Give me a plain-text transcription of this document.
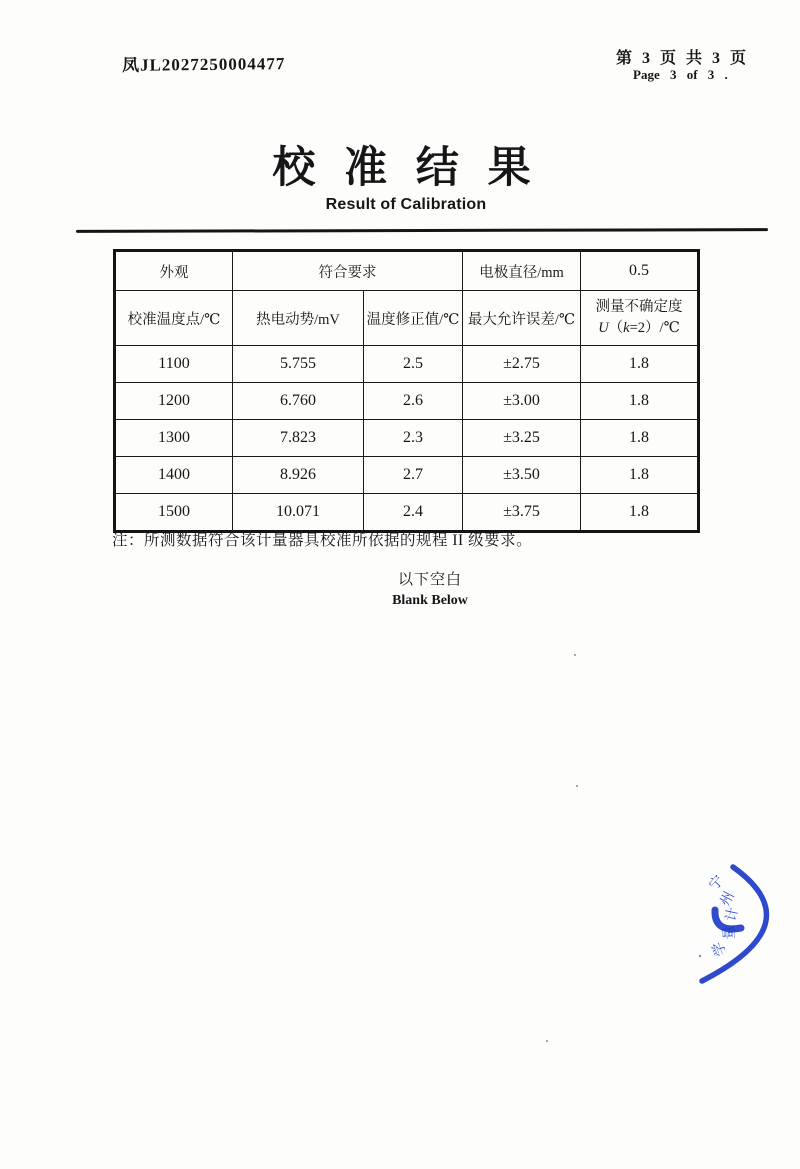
凤JL2027250004477	第 3 页 共 3 页
Page 3 of 3 .
校 准 结 果
Result of Calibration
外观	符合要求		电极直径/mm	0.5
校准温度点/℃	热电动势/mV	温度修正值/℃	最大允许误差/℃	测量不确定度
U（k=2）/℃

1100	5.755	2.5	±2.75	1.8
1200	6.760	2.6	±3.00	1.8
1300	7.823	2.3	±3.25	1.8
1400	8.926	2.7	±3.50	1.8
1500	10.071	2.4	±3.75	1.8
注：所测数据符合该计量器具校准所依据的规程 II 级要求。
以下空白
Blank Below
宁
州
计
量
学
